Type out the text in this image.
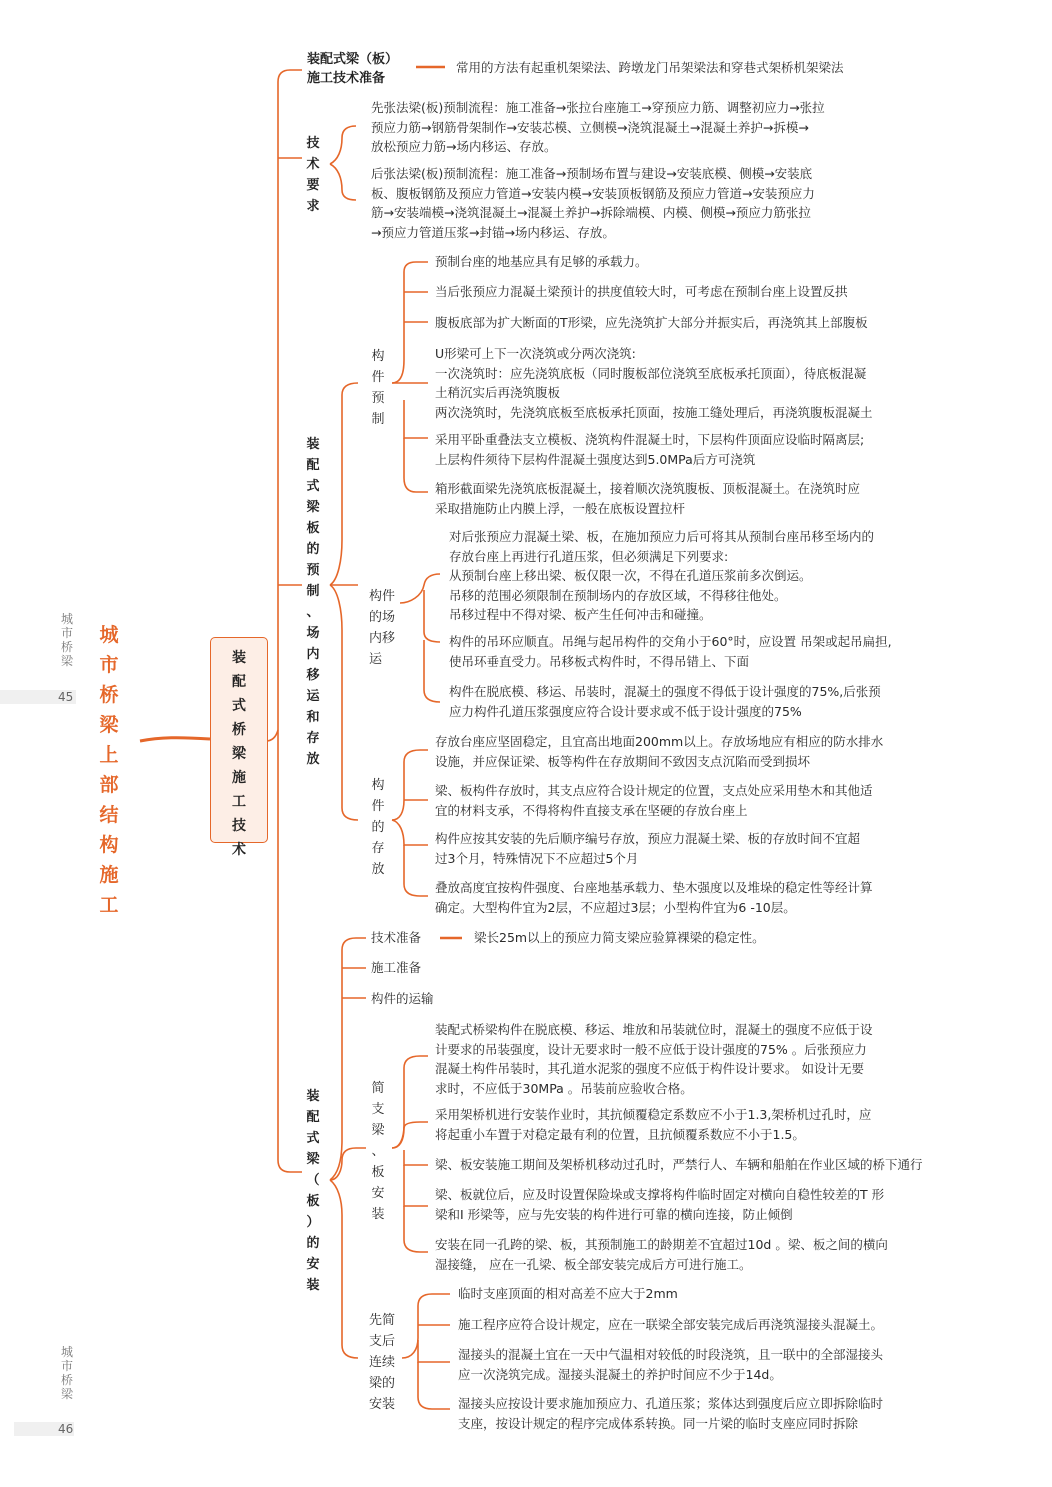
城
市
桥
梁
45
城
市
桥
梁
46
城
市
桥
梁
上
部
结
构
施
工
装
配
式
桥
梁
施
工
技
术
装配式梁（板）
施工技术准备
常用的方法有起重机架梁法、跨墩龙门吊架梁法和穿巷式架桥机架梁法
技
术
要
求
先张法梁(板)预制流程：施工准备→张拉台座施工→穿预应力筋、调整初应力→张拉
预应力筋→钢筋骨架制作→安装芯模、立侧模→浇筑混凝土→混凝土养护→拆模→
放松预应力筋→场内移运、存放。
后张法梁(板)预制流程：施工准备→预制场布置与建设→安装底模、侧模→安装底
板、腹板钢筋及预应力管道→安装内模→安装顶板钢筋及预应力管道→安装预应力
筋→安装端模→浇筑混凝土→混凝土养护→拆除端模、内模、侧模→预应力筋张拉
→预应力管道压浆→封锚→场内移运、存放。
装
配
式
梁
板
的
预
制
、
场
内
移
运
和
存
放
构
件
预
制
预制台座的地基应具有足够的承载力。
当后张预应力混凝土梁预计的拱度值较大时，可考虑在预制台座上设置反拱
腹板底部为扩大断面的T形梁，应先浇筑扩大部分并振实后，再浇筑其上部腹板
U形梁可上下一次浇筑或分两次浇筑:
一次浇筑时：应先浇筑底板（同时腹板部位浇筑至底板承托顶面），待底板混凝
土稍沉实后再浇筑腹板
两次浇筑时，先浇筑底板至底板承托顶面，按施工缝处理后，再浇筑腹板混凝土
采用平卧重叠法支立模板、浇筑构件混凝土时，下层构件顶面应设临时隔离层;
上层构件须待下层构件混凝土强度达到5.0MPa后方可浇筑
箱形截面梁先浇筑底板混凝土，接着顺次浇筑腹板、顶板混凝土。在浇筑时应
采取措施防止内膜上浮，一般在底板设置拉杆
构件
的场
内移
运
对后张预应力混凝土梁、板，在施加预应力后可将其从预制台座吊移至场内的
存放台座上再进行孔道压浆，但必须满足下列要求:
从预制台座上移出梁、板仅限一次，不得在孔道压浆前多次倒运。
吊移的范围必须限制在预制场内的存放区域，不得移往他处。
吊移过程中不得对梁、板产生任何冲击和碰撞。
构件的吊环应顺直。吊绳与起吊构件的交角小于60°时，应设置 吊架或起吊扁担,
使吊环垂直受力。吊移板式构件时，不得吊错上、下面
构件在脱底模、移运、吊装时，混凝土的强度不得低于设计强度的75%,后张预
应力构件孔道压浆强度应符合设计要求或不低于设计强度的75%
构
件
的
存
放
存放台座应坚固稳定，且宜高出地面200mm以上。存放场地应有相应的防水排水
设施，并应保证梁、板等构件在存放期间不致因支点沉陷而受到损坏
梁、板构件存放时，其支点应符合设计规定的位置，支点处应采用垫木和其他适
宜的材料支承，不得将构件直接支承在坚硬的存放台座上
构件应按其安装的先后顺序编号存放，预应力混凝土梁、板的存放时间不宜超
过3个月，特殊情况下不应超过5个月
叠放高度宜按构件强度、台座地基承载力、垫木强度以及堆垛的稳定性等经计算
确定。大型构件宜为2层，不应超过3层；小型构件宜为6 -10层。
装
配
式
梁
（
板
）
的
安
装
技术准备	梁长25m以上的预应力简支梁应验算裸梁的稳定性。
施工准备
构件的运输
简
支
梁
、
板
安
装
装配式桥梁构件在脱底模、移运、堆放和吊装就位时，混凝土的强度不应低于设
计要求的吊装强度，设计无要求时一般不应低于设计强度的75% 。后张预应力
混凝土构件吊装时，其孔道水泥浆的强度不应低于构件设计要求。 如设计无要
求时，不应低于30MPa 。吊装前应验收合格。
采用架桥机进行安装作业时，其抗倾覆稳定系数应不小于1.3,架桥机过孔时，应
将起重小车置于对稳定最有利的位置，且抗倾覆系数应不小于1.5。
梁、板安装施工期间及架桥机移动过孔时，严禁行人、车辆和船舶在作业区域的桥下通行
梁、板就位后，应及时设置保险垛或支撑将构件临时固定对横向自稳性较差的T 形
梁和I 形梁等，应与先安装的构件进行可靠的横向连接，防止倾倒
安装在同一孔跨的梁、板，其预制施工的龄期差不宜超过10d 。梁、板之间的横向
湿接缝， 应在一孔梁、板全部安装完成后方可进行施工。
先简
支后
连续
梁的
安装
临时支座顶面的相对高差不应大于2mm
施工程序应符合设计规定，应在一联梁全部安装完成后再浇筑湿接头混凝土。
湿接头的混凝土宜在一天中气温相对较低的时段浇筑，且一联中的全部湿接头
应一次浇筑完成。湿接头混凝土的养护时间应不少于14d。
湿接头应按设计要求施加预应力、孔道压浆；浆体达到强度后应立即拆除临时
支座，按设计规定的程序完成体系转换。同一片梁的临时支座应同时拆除
